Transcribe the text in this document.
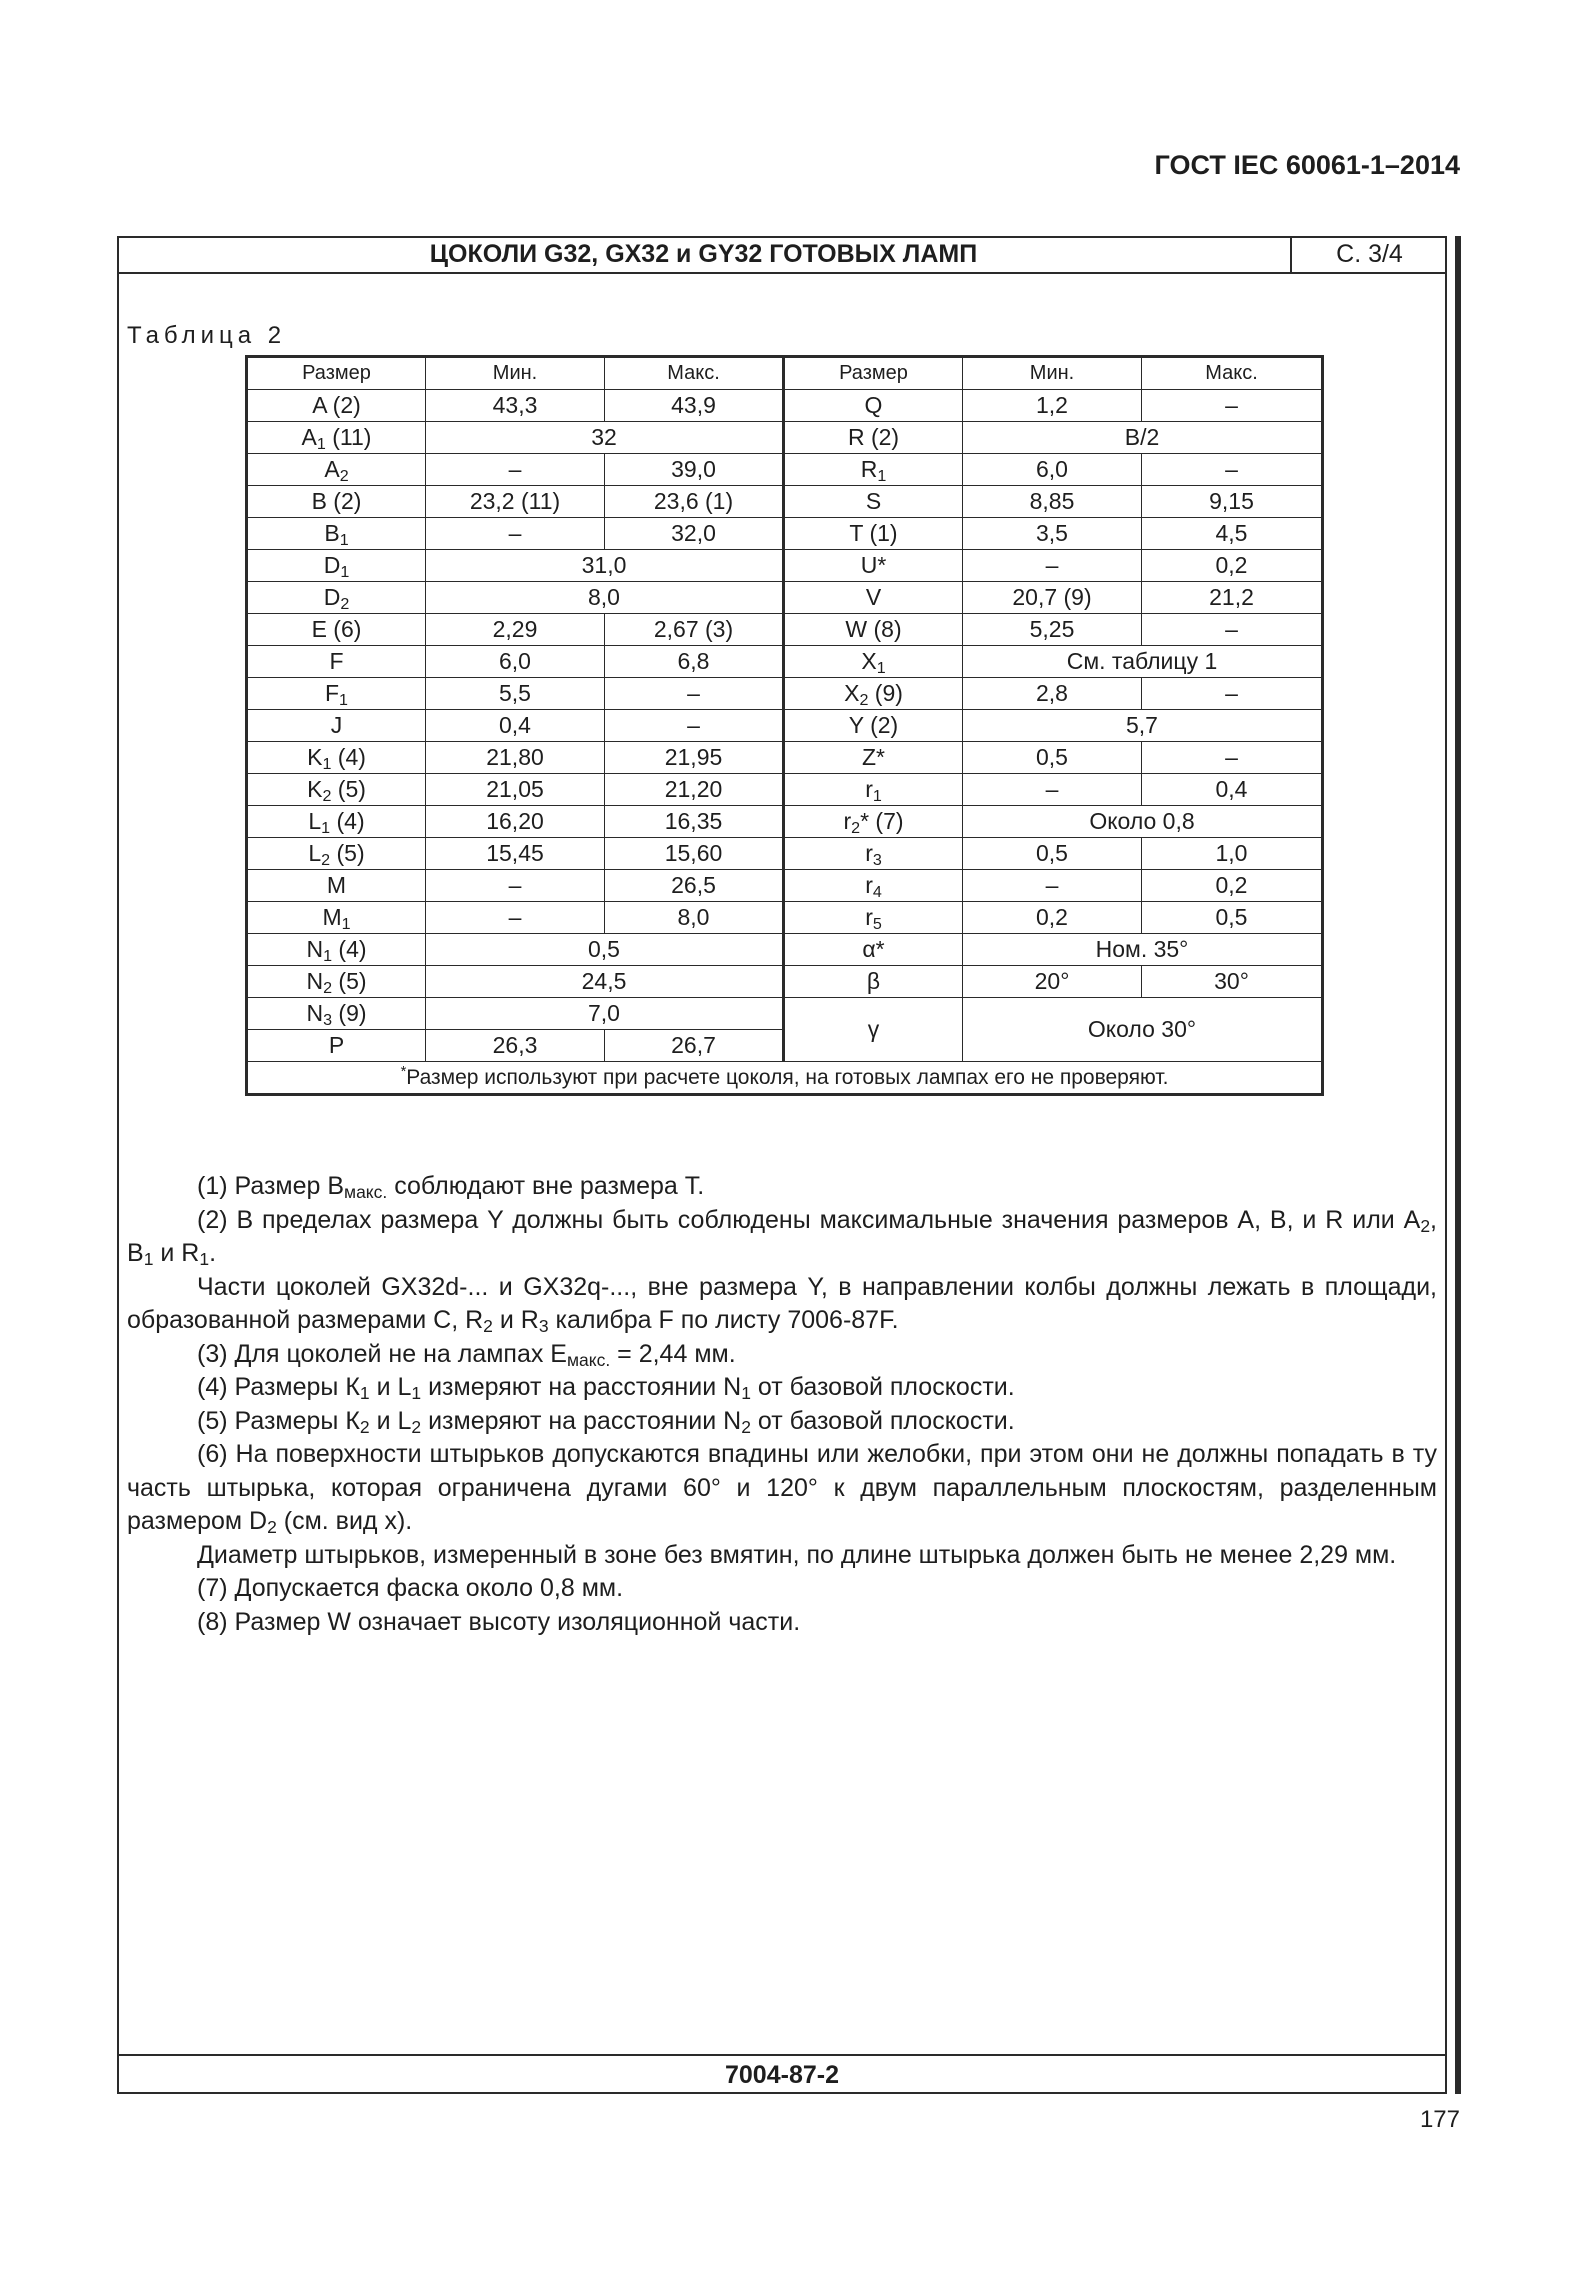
ГОСТ IEC 60061-1–2014
ЦОКОЛИ G32, GX32 и GY32 ГОТОВЫХ ЛАМП	С. 3/4
Таблица 2
Размер	Мин.	Макс.	Размер	Мин.	Макс.
A (2)	43,3	43,9	Q	1,2	–
$A_1$ (11)	32		R (2)	B/2	
$A_2$	–	39,0	$R_1$	6,0	–
B (2)	23,2 (11)	23,6 (1)	S	8,85	9,15
$B_1$	–	32,0	T (1)	3,5	4,5
$D_1$	31,0		U*	–	0,2
$D_2$	8,0		V	20,7 (9)	21,2
E (6)	2,29	2,67 (3)	W (8)	5,25	–
F	6,0	6,8	$X_1$	См. таблицу 1	
$F_1$	5,5	–	$X_2$ (9)	2,8	–
J	0,4	–	Y (2)	5,7	
$K_1$ (4)	21,80	21,95	Z*	0,5	–
$K_2$ (5)	21,05	21,20	$r_1$	–	0,4
$L_1$ (4)	16,20	16,35	$r_2*$ (7)	Около 0,8	
$L_2$ (5)	15,45	15,60	$r_3$	0,5	1,0
M	–	26,5	$r_4$	–	0,2
$M_1$	–	8,0	$r_5$	0,2	0,5
$N_1$ (4)	0,5		α*	Ном. 35°	
$N_2$ (5)	24,5		β	20°	30°
$N_3$ (9)	7,0		γ	Около 30°	
P	26,3	26,7			
*Размер используют при расчете цоколя, на готовых лампах его не проверяют.					

(1) Размер $В_{макс.}$ соблюдают вне размера Т.

(2) В пределах размера Y должны быть соблюдены максимальные значения размеров А, В, и R или $А_2$, $В_1$ и $R_1$.

Части цоколей GX32d-... и GX32q-..., вне размера Y, в направлении колбы должны лежать в площади, образованной размерами С, $R_2$ и $R_3$ калибра F по листу 7006-87F.

(3) Для цоколей не на лампах $Е_{макс.} = 2,44$ мм.

(4) Размеры $К_1$ и $L_1$ измеряют на расстоянии $N_1$ от базовой плоскости.

(5) Размеры $К_2$ и $L_2$ измеряют на расстоянии $N_2$ от базовой плоскости.

(6) На поверхности штырьков допускаются впадины или желобки, при этом они не должны попадать в ту часть штырька, которая ограничена дугами 60° и 120° к двум параллельным плоскостям, разделенным размером $D_2$ (см. вид х).

Диаметр штырьков, измеренный в зоне без вмятин, по длине штырька должен быть не менее 2,29 мм.

(7) Допускается фаска около 0,8 мм.

(8) Размер W означает высоту изоляционной части.

7004-87-2
177
